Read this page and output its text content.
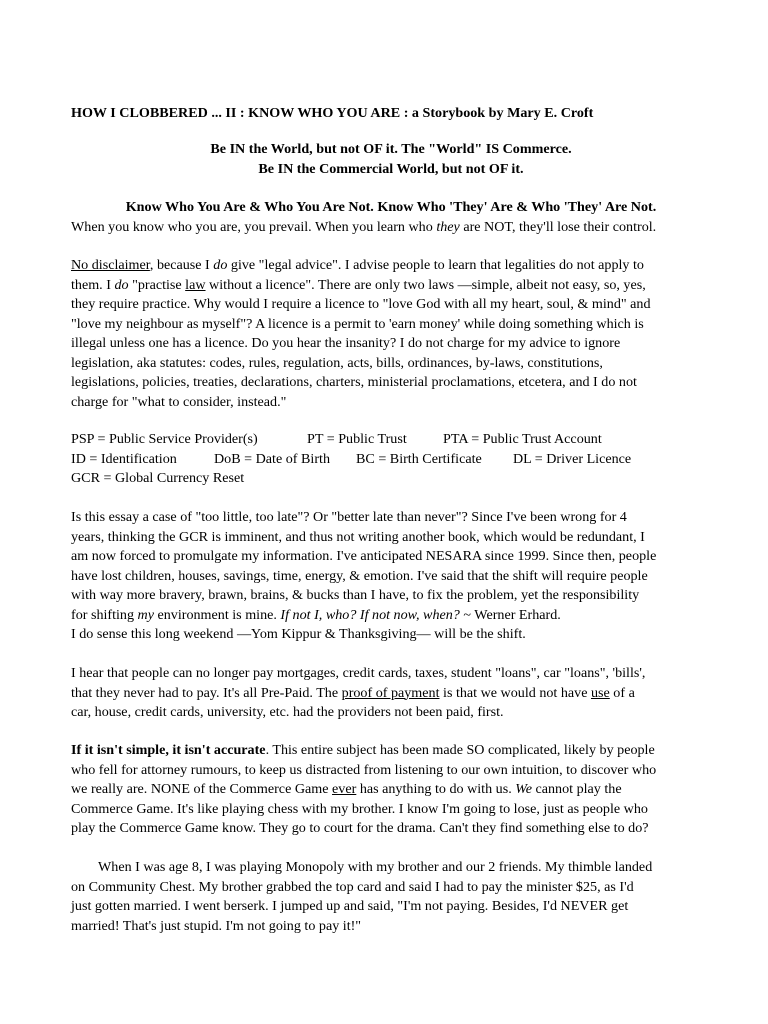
HOW I CLOBBERED ... II : KNOW WHO YOU ARE : a Storybook by Mary E. Croft
Be IN the World, but not OF it. The "World" IS Commerce.
Be IN the Commercial World, but not OF it.
Know Who You Are & Who You Are Not. Know Who 'They' Are & Who 'They' Are Not.
When you know who you are, you prevail. When you learn who they are NOT, they'll lose their control.
No disclaimer, because I do give "legal advice". I advise people to learn that legalities do not apply to
them. I do "practise law without a licence". There are only two laws —simple, albeit not easy, so, yes,
they require practice. Why would I require a licence to "love God with all my heart, soul, & mind" and
"love my neighbour as myself"? A licence is a permit to 'earn money' while doing something which is
illegal unless one has a licence. Do you hear the insanity? I do not charge for my advice to ignore
legislation, aka statutes: codes, rules, regulation, acts, bills, ordinances, by-laws, constitutions,
legislations, policies, treaties, declarations, charters, ministerial proclamations, etcetera, and I do not
charge for "what to consider, instead."
PSP = Public Service Provider(s)	PT = Public Trust	PTA = Public Trust Account
ID = Identification	DoB = Date of Birth BC = Birth Certificate DL = Driver Licence
GCR = Global Currency Reset
Is this essay a case of "too little, too late"? Or "better late than never"? Since I've been wrong for 4
years, thinking the GCR is imminent, and thus not writing another book, which would be redundant, I
am now forced to promulgate my information. I've anticipated NESARA since 1999. Since then, people
have lost children, houses, savings, time, energy, & emotion. I've said that the shift will require people
with way more bravery, brawn, brains, & bucks than I have, to fix the problem, yet the responsibility
for shifting my environment is mine. If not I, who? If not now, when? ~ Werner Erhard.
I do sense this long weekend —Yom Kippur & Thanksgiving— will be the shift.
I hear that people can no longer pay mortgages, credit cards, taxes, student "loans", car "loans", 'bills',
that they never had to pay. It's all Pre-Paid. The proof of payment is that we would not have use of a
car, house, credit cards, university, etc. had the providers not been paid, first.
If it isn't simple, it isn't accurate. This entire subject has been made SO complicated, likely by people
who fell for attorney rumours, to keep us distracted from listening to our own intuition, to discover who
we really are. NONE of the Commerce Game ever has anything to do with us. We cannot play the
Commerce Game. It's like playing chess with my brother. I know I'm going to lose, just as people who
play the Commerce Game know. They go to court for the drama. Can't they find something else to do?
When I was age 8, I was playing Monopoly with my brother and our 2 friends. My thimble landed
on Community Chest. My brother grabbed the top card and said I had to pay the minister $25, as I'd
just gotten married. I went berserk. I jumped up and said, "I'm not paying. Besides, I'd NEVER get
married! That's just stupid. I'm not going to pay it!"
